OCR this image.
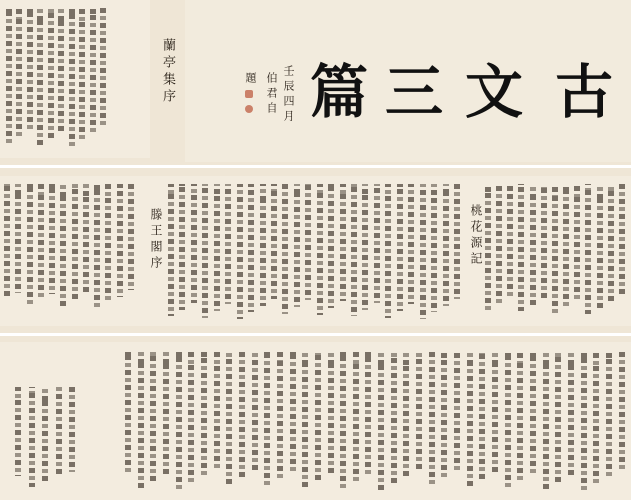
蘭亭集序	古
文
三
篇
壬辰四月
伯君自
題
桃花源記
滕王閣序
